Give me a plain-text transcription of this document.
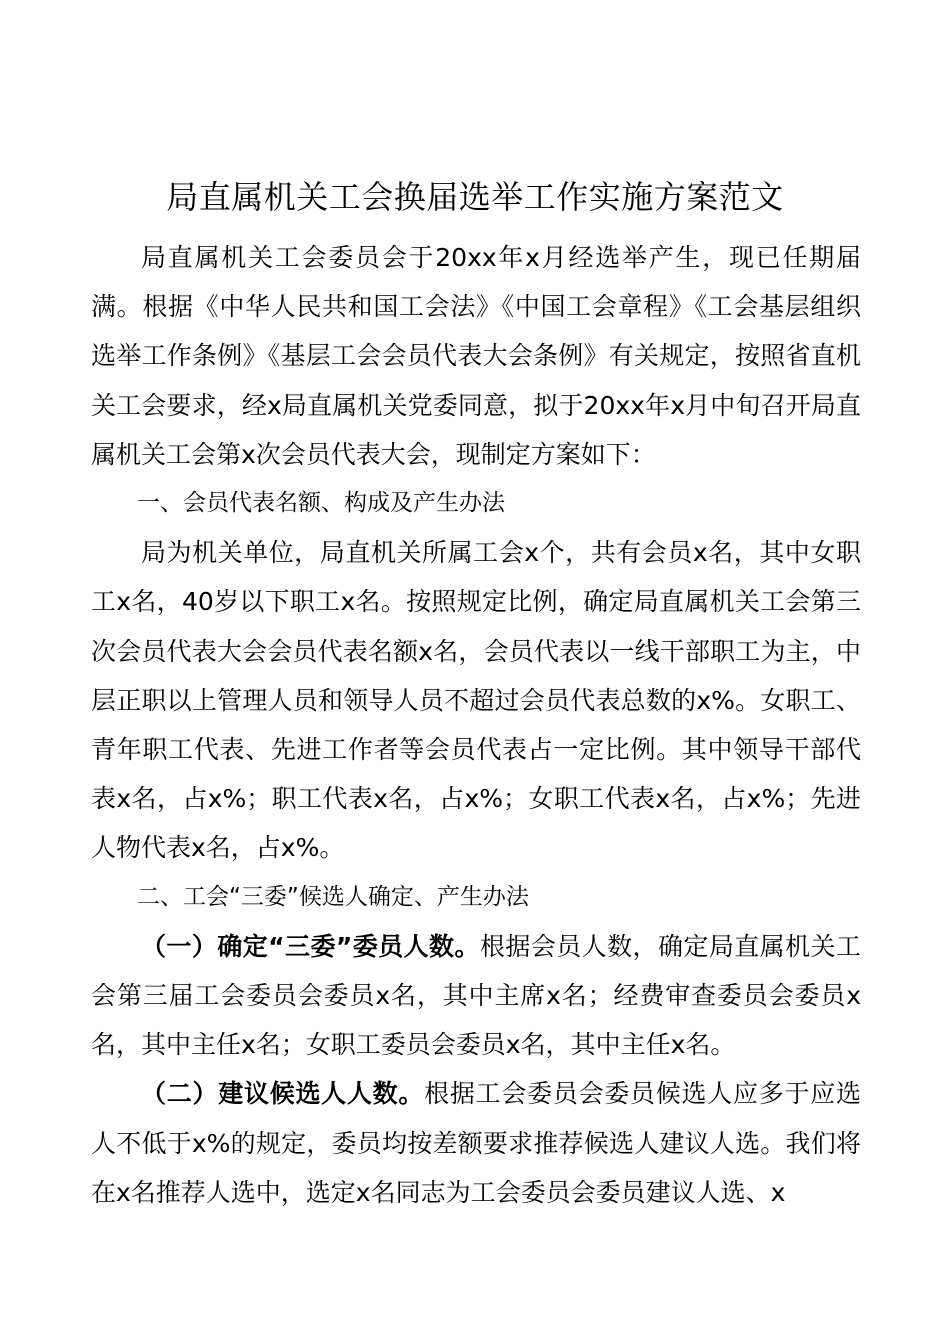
局直属机关工会换届选举工作实施方案范文

局直属机关工会委员会于20xx年x月经选举产生，现已任期届满。根据《中华人民共和国工会法》《中国工会章程》《工会基层组织选举工作条例》《基层工会会员代表大会条例》有关规定，按照省直机关工会要求，经x局直属机关党委同意，拟于20xx年x月中旬召开局直属机关工会第x次会员代表大会，现制定方案如下：

一、会员代表名额、构成及产生办法

局为机关单位，局直机关所属工会x个，共有会员x名，其中女职工x名，40岁以下职工x名。按照规定比例，确定局直属机关工会第三次会员代表大会会员代表名额x名，会员代表以一线干部职工为主，中层正职以上管理人员和领导人员不超过会员代表总数的x%。女职工、青年职工代表、先进工作者等会员代表占一定比例。其中领导干部代表x名，占x%；职工代表x名，占x%；女职工代表x名，占x%；先进人物代表x名，占x%。

二、工会“三委”候选人确定、产生办法

（一）确定“三委”委员人数。根据会员人数，确定局直属机关工会第三届工会委员会委员x名，其中主席x名；经费审查委员会委员x名，其中主任x名；女职工委员会委员x名，其中主任x名。

（二）建议候选人人数。根据工会委员会委员候选人应多于应选人不低于x%的规定，委员均按差额要求推荐候选人建议人选。我们将在x名推荐人选中，选定x名同志为工会委员会委员建议人选、x
